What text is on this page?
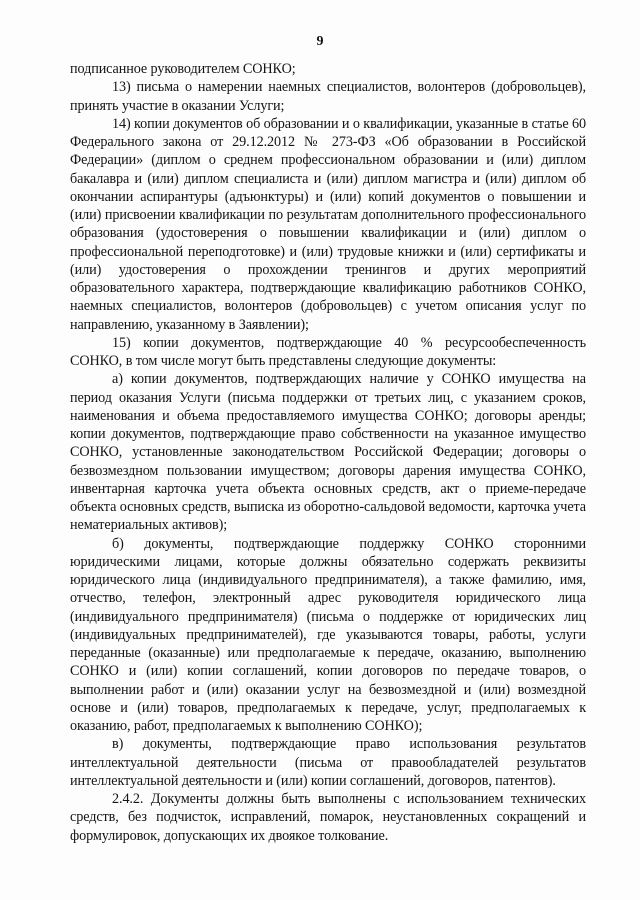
9

подписанное руководителем СОНКО;

13) письма о намерении наемных специалистов, волонтеров (добровольцев), принять участие в оказании Услуги;

14) копии документов об образовании и о квалификации, указанные в статье 60 Федерального закона от 29.12.2012 № 273-ФЗ «Об образовании в Российской Федерации» (диплом о среднем профессиональном образовании и (или) диплом бакалавра и (или) диплом специалиста и (или) диплом магистра и (или) диплом об окончании аспирантуры (адъюнктуры) и (или) копий документов о повышении и (или) присвоении квалификации по результатам дополнительного профессионального образования (удостоверения о повышении квалификации и (или) диплом о профессиональной переподготовке) и (или) трудовые книжки и (или) сертификаты и (или) удостоверения о прохождении тренингов и других мероприятий образовательного характера, подтверждающие квалификацию работников СОНКО, наемных специалистов, волонтеров (добровольцев) с учетом описания услуг по направлению, указанному в Заявлении);

15) копии документов, подтверждающие 40 % ресурсообеспеченность СОНКО, в том числе могут быть представлены следующие документы:

а) копии документов, подтверждающих наличие у СОНКО имущества на период оказания Услуги (письма поддержки от третьих лиц, с указанием сроков, наименования и объема предоставляемого имущества СОНКО; договоры аренды; копии документов, подтверждающие право собственности на указанное имущество СОНКО, установленные законодательством Российской Федерации; договоры о безвозмездном пользовании имуществом; договоры дарения имущества СОНКО, инвентарная карточка учета объекта основных средств, акт о приеме-передаче объекта основных средств, выписка из оборотно-сальдовой ведомости, карточка учета нематериальных активов);

б) документы, подтверждающие поддержку СОНКО сторонними юридическими лицами, которые должны обязательно содержать реквизиты юридического лица (индивидуального предпринимателя), а также фамилию, имя, отчество, телефон, электронный адрес руководителя юридического лица (индивидуального предпринимателя) (письма о поддержке от юридических лиц (индивидуальных предпринимателей), где указываются товары, работы, услуги переданные (оказанные) или предполагаемые к передаче, оказанию, выполнению СОНКО и (или) копии соглашений, копии договоров по передаче товаров, о выполнении работ и (или) оказании услуг на безвозмездной и (или) возмездной основе и (или) товаров, предполагаемых к передаче, услуг, предполагаемых к оказанию, работ, предполагаемых к выполнению СОНКО);

в) документы, подтверждающие право использования результатов интеллектуальной деятельности (письма от правообладателей результатов интеллектуальной деятельности и (или) копии соглашений, договоров, патентов).

2.4.2. Документы должны быть выполнены с использованием технических средств, без подчисток, исправлений, помарок, неустановленных сокращений и формулировок, допускающих их двоякое толкование.
